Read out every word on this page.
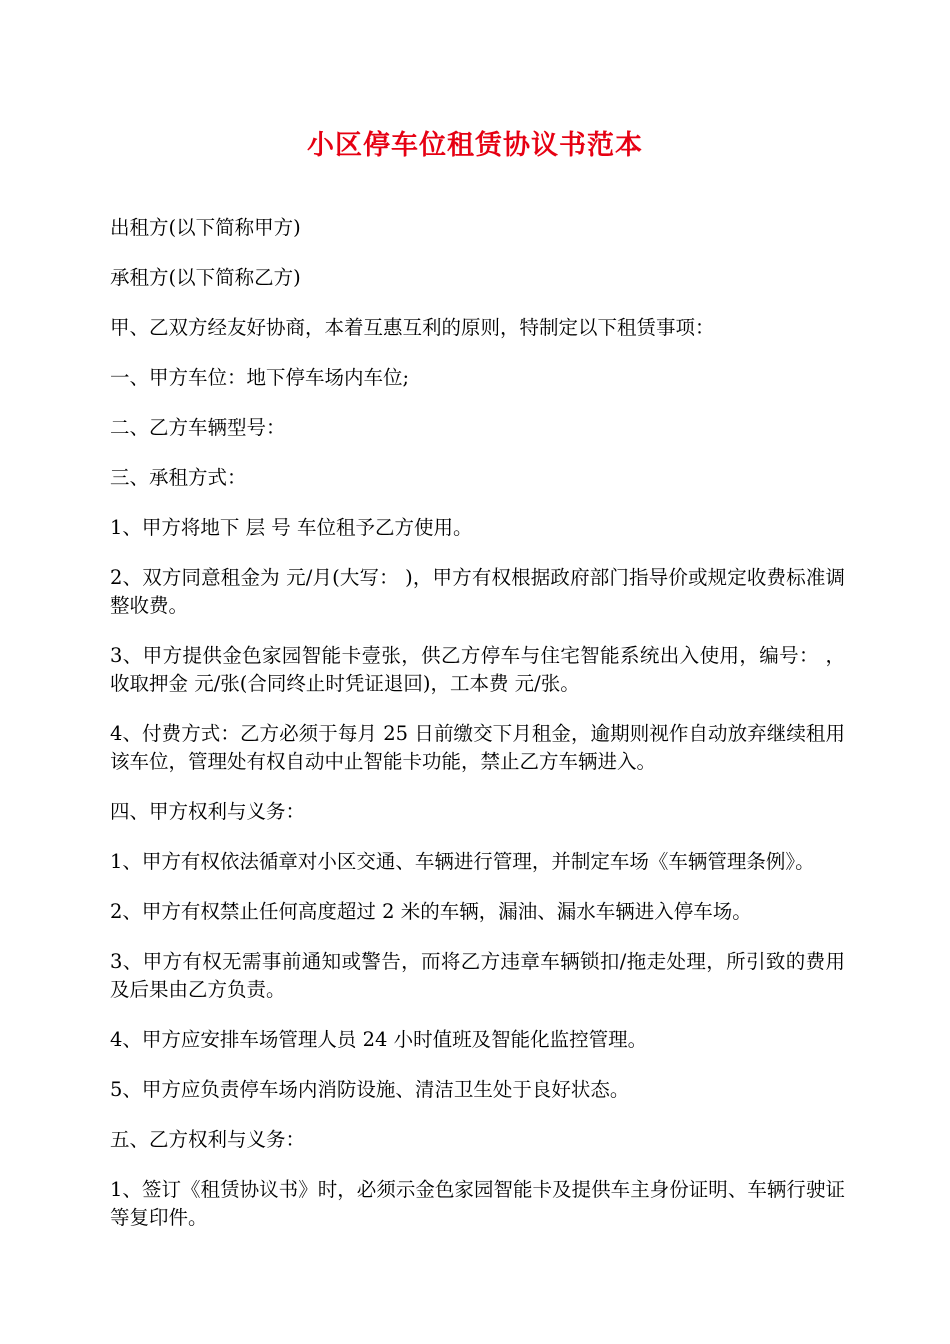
小区停车位租赁协议书范本

出租方(以下简称甲方)

承租方(以下简称乙方)

甲、乙双方经友好协商，本着互惠互利的原则，特制定以下租赁事项：

一、甲方车位：地下停车场内车位;

二、乙方车辆型号：

三、承租方式：

1、甲方将地下 层 号 车位租予乙方使用。

2、双方同意租金为 元/月(大写： )，甲方有权根据政府部门指导价或规定收费标准调整收费。

3、甲方提供金色家园智能卡壹张，供乙方停车与住宅智能系统出入使用，编号： ，收取押金 元/张(合同终止时凭证退回)，工本费 元/张。

4、付费方式：乙方必须于每月 25 日前缴交下月租金，逾期则视作自动放弃继续租用该车位，管理处有权自动中止智能卡功能，禁止乙方车辆进入。

四、甲方权利与义务：

1、甲方有权依法循章对小区交通、车辆进行管理，并制定车场《车辆管理条例》。

2、甲方有权禁止任何高度超过 2 米的车辆，漏油、漏水车辆进入停车场。

3、甲方有权无需事前通知或警告，而将乙方违章车辆锁扣/拖走处理，所引致的费用及后果由乙方负责。

4、甲方应安排车场管理人员 24 小时值班及智能化监控管理。

5、甲方应负责停车场内消防设施、清洁卫生处于良好状态。

五、乙方权利与义务：

1、签订《租赁协议书》时，必须示金色家园智能卡及提供车主身份证明、车辆行驶证等复印件。
